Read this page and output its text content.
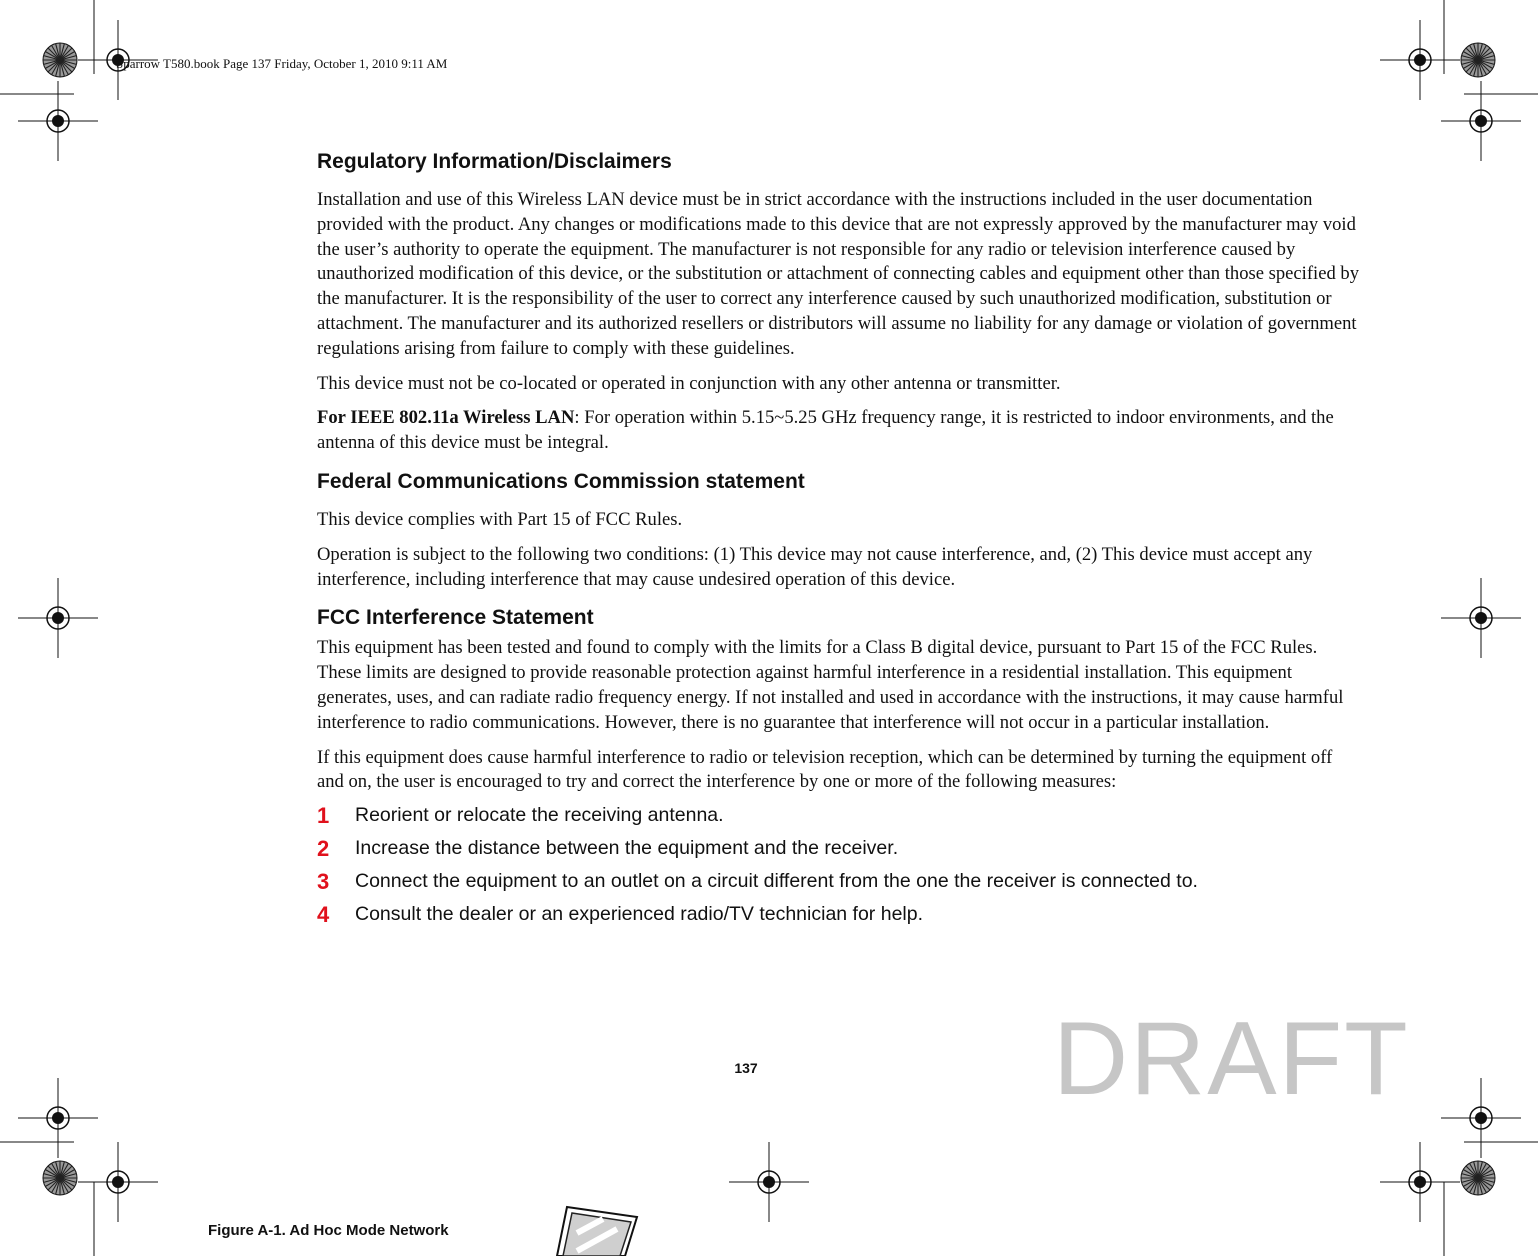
Sparrow T580.book Page 137 Friday, October 1, 2010 9:11 AM
Regulatory Information/Disclaimers

Installation and use of this Wireless LAN device must be in strict accordance with the instructions included in the user documentation provided with the product. Any changes or modifications made to this device that are not expressly approved by the manufacturer may void the user’s authority to operate the equipment. The manufacturer is not responsible for any radio or television interference caused by unauthorized modification of this device, or the substitution or attachment of connecting cables and equipment other than those specified by the manufacturer. It is the responsibility of the user to correct any interference caused by such unauthorized modification, substitution or attachment. The manufacturer and its authorized resellers or distributors will assume no liability for any damage or violation of government regulations arising from failure to comply with these guidelines.

This device must not be co-located or operated in conjunction with any other antenna or transmitter.

For IEEE 802.11a Wireless LAN: For operation within 5.15~5.25 GHz frequency range, it is restricted to indoor environments, and the antenna of this device must be integral.

Federal Communications Commission statement

This device complies with Part 15 of FCC Rules.

Operation is subject to the following two conditions: (1) This device may not cause interference, and, (2) This device must accept any interference, including interference that may cause undesired operation of this device.

FCC Interference Statement

This equipment has been tested and found to comply with the limits for a Class B digital device, pursuant to Part 15 of the FCC Rules. These limits are designed to provide reasonable protection against harmful interference in a residential installation. This equipment generates, uses, and can radiate radio frequency energy. If not installed and used in accordance with the instructions, it may cause harmful interference to radio communications. However, there is no guarantee that interference will not occur in a particular installation.

If this equipment does cause harmful interference to radio or television reception, which can be determined by turning the equipment off and on, the user is encouraged to try and correct the interference by one or more of the following measures:

1	Reorient or relocate the receiving antenna.
2	Increase the distance between the equipment and the receiver.
3	Connect the equipment to an outlet on a circuit different from the one the receiver is connected to.
4	Consult the dealer or an experienced radio/TV technician for help.
137	DRAFT
Figure A-1. Ad Hoc Mode Network
